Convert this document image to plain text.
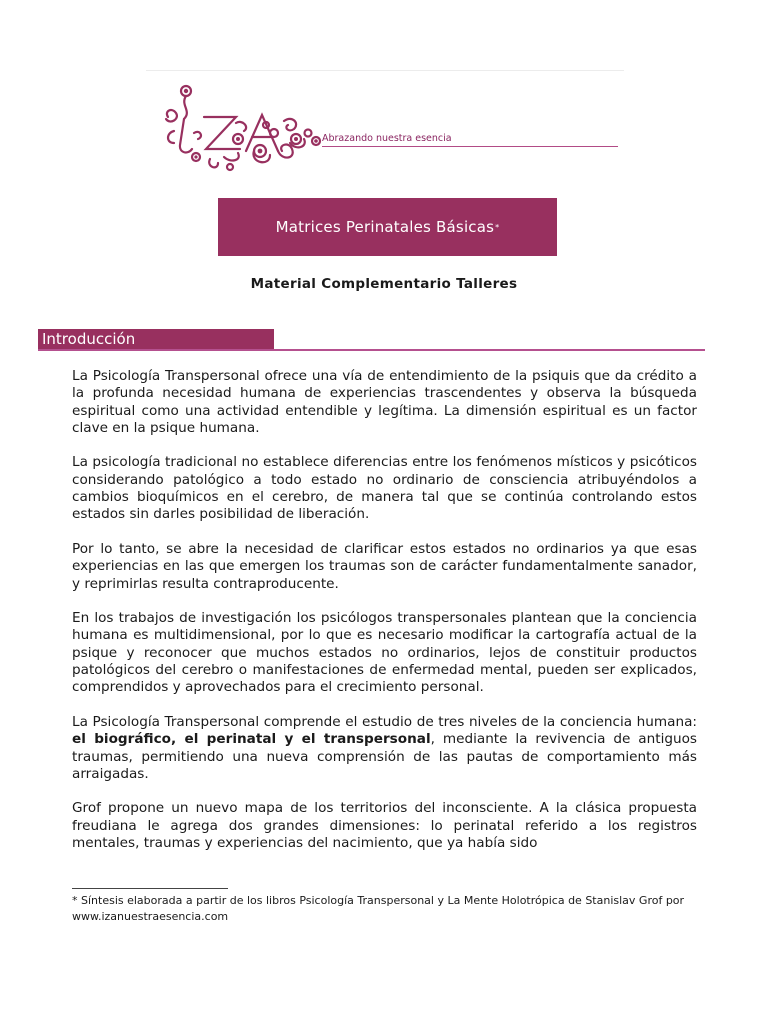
Abrazando nuestra esencia
Matrices Perinatales Básicas *
Material Complementario Talleres
Introducción

La Psicología Transpersonal ofrece una vía de entendimiento de la psiquis que da crédito a la profunda necesidad humana de experiencias trascendentes y observa la búsqueda espiritual como una actividad entendible y legítima. La dimensión espiritual es un factor clave en la psique humana.

La psicología tradicional no establece diferencias entre los fenómenos místicos y psicóticos considerando patológico a todo estado no ordinario de consciencia atribuyéndolos a cambios bioquímicos en el cerebro, de manera tal que se continúa controlando estos estados sin darles posibilidad de liberación.

Por lo tanto, se abre la necesidad de clarificar estos estados no ordinarios ya que esas experiencias en las que emergen los traumas son de carácter fundamentalmente sanador, y reprimirlas resulta contraproducente.

En los trabajos de investigación los psicólogos transpersonales plantean que la conciencia humana es multidimensional, por lo que es necesario modificar la cartografía actual de la psique y reconocer que muchos estados no ordinarios, lejos de constituir productos patológicos del cerebro o manifestaciones de enfermedad mental, pueden ser explicados, comprendidos y aprovechados para el crecimiento personal.

La Psicología Transpersonal comprende el estudio de tres niveles de la conciencia humana: el biográfico, el perinatal y el transpersonal, mediante la revivencia de antiguos traumas, permitiendo una nueva comprensión de las pautas de comportamiento más arraigadas.

Grof propone un nuevo mapa de los territorios del inconsciente. A la clásica propuesta freudiana le agrega dos grandes dimensiones: lo perinatal referido a los registros mentales, traumas y experiencias del nacimiento, que ya había sido

* Síntesis elaborada a partir de los libros Psicología Transpersonal y La Mente Holotrópica de Stanislav Grof por
www.izanuestraesencia.com
